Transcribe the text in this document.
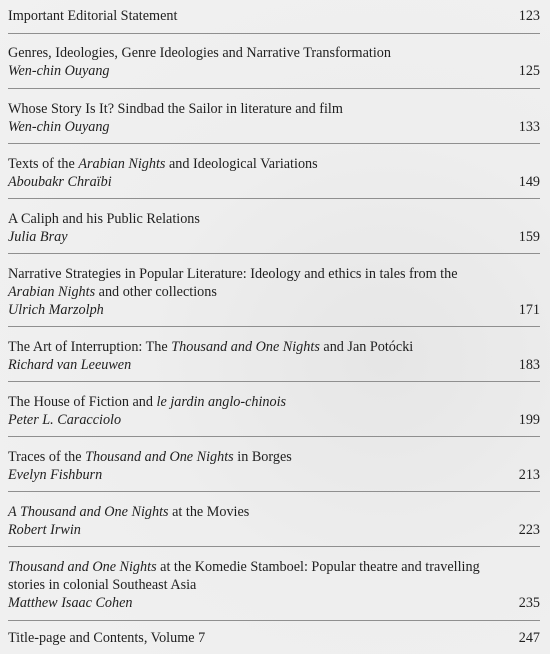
Important Editorial Statement	123
Genres, Ideologies, Genre Ideologies and Narrative Transformation
Wen-chin Ouyang	125
Whose Story Is It? Sindbad the Sailor in literature and film
Wen-chin Ouyang	133
Texts of the Arabian Nights and Ideological Variations
Aboubakr Chraïbi	149
A Caliph and his Public Relations
Julia Bray	159
Narrative Strategies in Popular Literature: Ideology and ethics in tales from the Arabian Nights and other collections
Ulrich Marzolph	171
The Art of Interruption: The Thousand and One Nights and Jan Potócki
Richard van Leeuwen	183
The House of Fiction and le jardin anglo-chinois
Peter L. Caracciolo	199
Traces of the Thousand and One Nights in Borges
Evelyn Fishburn	213
A Thousand and One Nights at the Movies
Robert Irwin	223
Thousand and One Nights at the Komedie Stamboel: Popular theatre and travelling stories in colonial Southeast Asia
Matthew Isaac Cohen	235
Title-page and Contents, Volume 7	247
